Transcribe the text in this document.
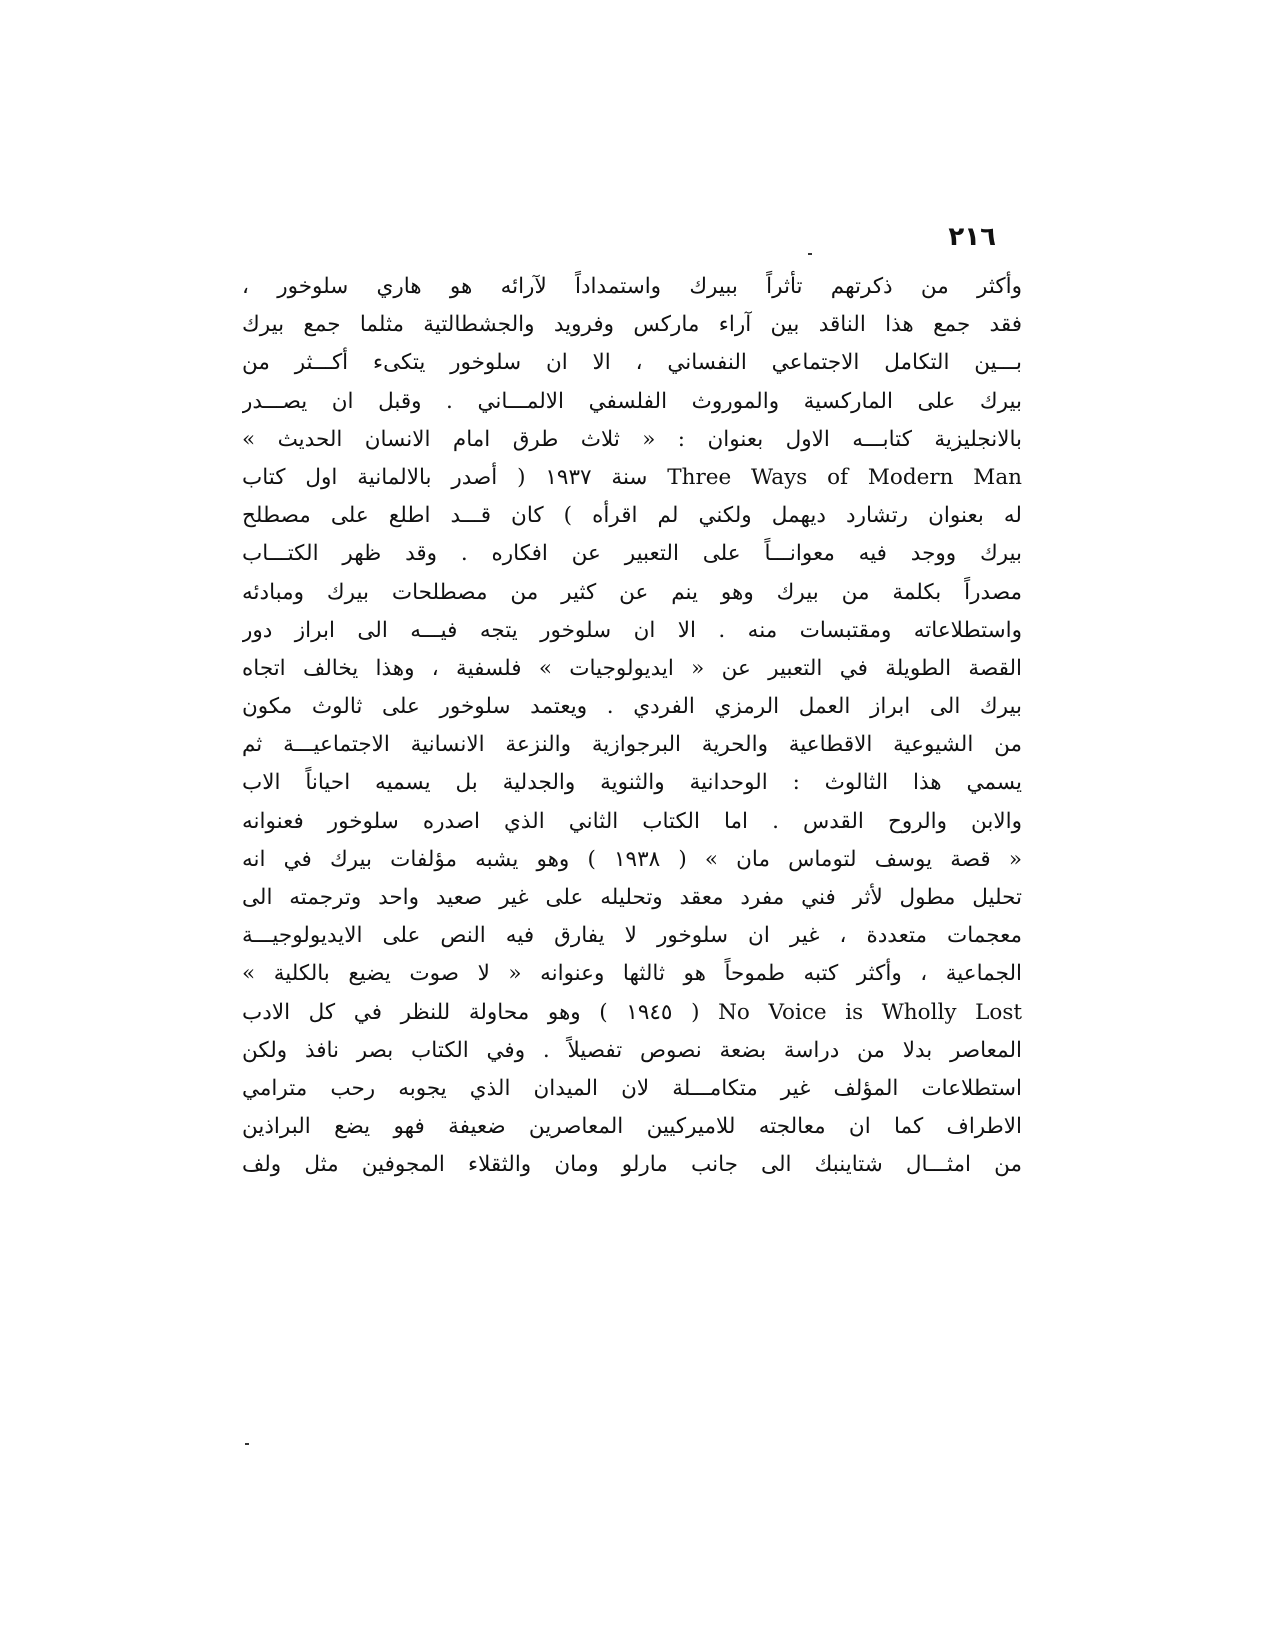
٢١٦
وأكثر من ذكرتهم تأثراً ببيرك واستمداداً لآرائه هو هاري سلوخور ،
فقد جمع هذا الناقد بين آراء ماركس وفرويد والجشطالتية مثلما جمع بيرك
بـــين التكامل الاجتماعي النفساني ، الا ان سلوخور يتكىء أكـــثر من
بيرك على الماركسية والموروث الفلسفي الالمـــاني . وقبل ان يصـــدر
بالانجليزية كتابـــه الاول بعنوان : « ثلاث طرق امام الانسان الحديث »
Three Ways of Modern Man سنة ١٩٣٧ ( أصدر بالالمانية اول كتاب
له بعنوان رتشارد ديهمل ولكني لم اقرأه ) كان قـــد اطلع على مصطلح
بيرك ووجد فيه معوانـــاً على التعبير عن افكاره . وقد ظهر الكتـــاب
مصدراً بكلمة من بيرك وهو ينم عن كثير من مصطلحات بيرك ومبادئه
واستطلاعاته ومقتبسات منه . الا ان سلوخور يتجه فيـــه الى ابراز دور
القصة الطويلة في التعبير عن « ايديولوجيات » فلسفية ، وهذا يخالف اتجاه
بيرك الى ابراز العمل الرمزي الفردي . ويعتمد سلوخور على ثالوث مكون
من الشيوعية الاقطاعية والحرية البرجوازية والنزعة الانسانية الاجتماعيـــة ثم
يسمي هذا الثالوث : الوحدانية والثنوية والجدلية بل يسميه احياناً الاب
والابن والروح القدس . اما الكتاب الثاني الذي اصدره سلوخور فعنوانه
« قصة يوسف لتوماس مان » ( ١٩٣٨ ) وهو يشبه مؤلفات بيرك في انه
تحليل مطول لأثر فني مفرد معقد وتحليله على غير صعيد واحد وترجمته الى
معجمات متعددة ، غير ان سلوخور لا يفارق فيه النص على الايديولوجيـــة
الجماعية ، وأكثر كتبه طموحاً هو ثالثها وعنوانه « لا صوت يضيع بالكلية »
No Voice is Wholly Lost ( ١٩٤٥ ) وهو محاولة للنظر في كل الادب
المعاصر بدلا من دراسة بضعة نصوص تفصيلاً . وفي الكتاب بصر نافذ ولكن
استطلاعات المؤلف غير متكامـــلة لان الميدان الذي يجوبه رحب مترامي
الاطراف كما ان معالجته للاميركيين المعاصرين ضعيفة فهو يضع البراذين
من امثـــال شتاينبك الى جانب مارلو ومان والثقلاء المجوفين مثل ولف
